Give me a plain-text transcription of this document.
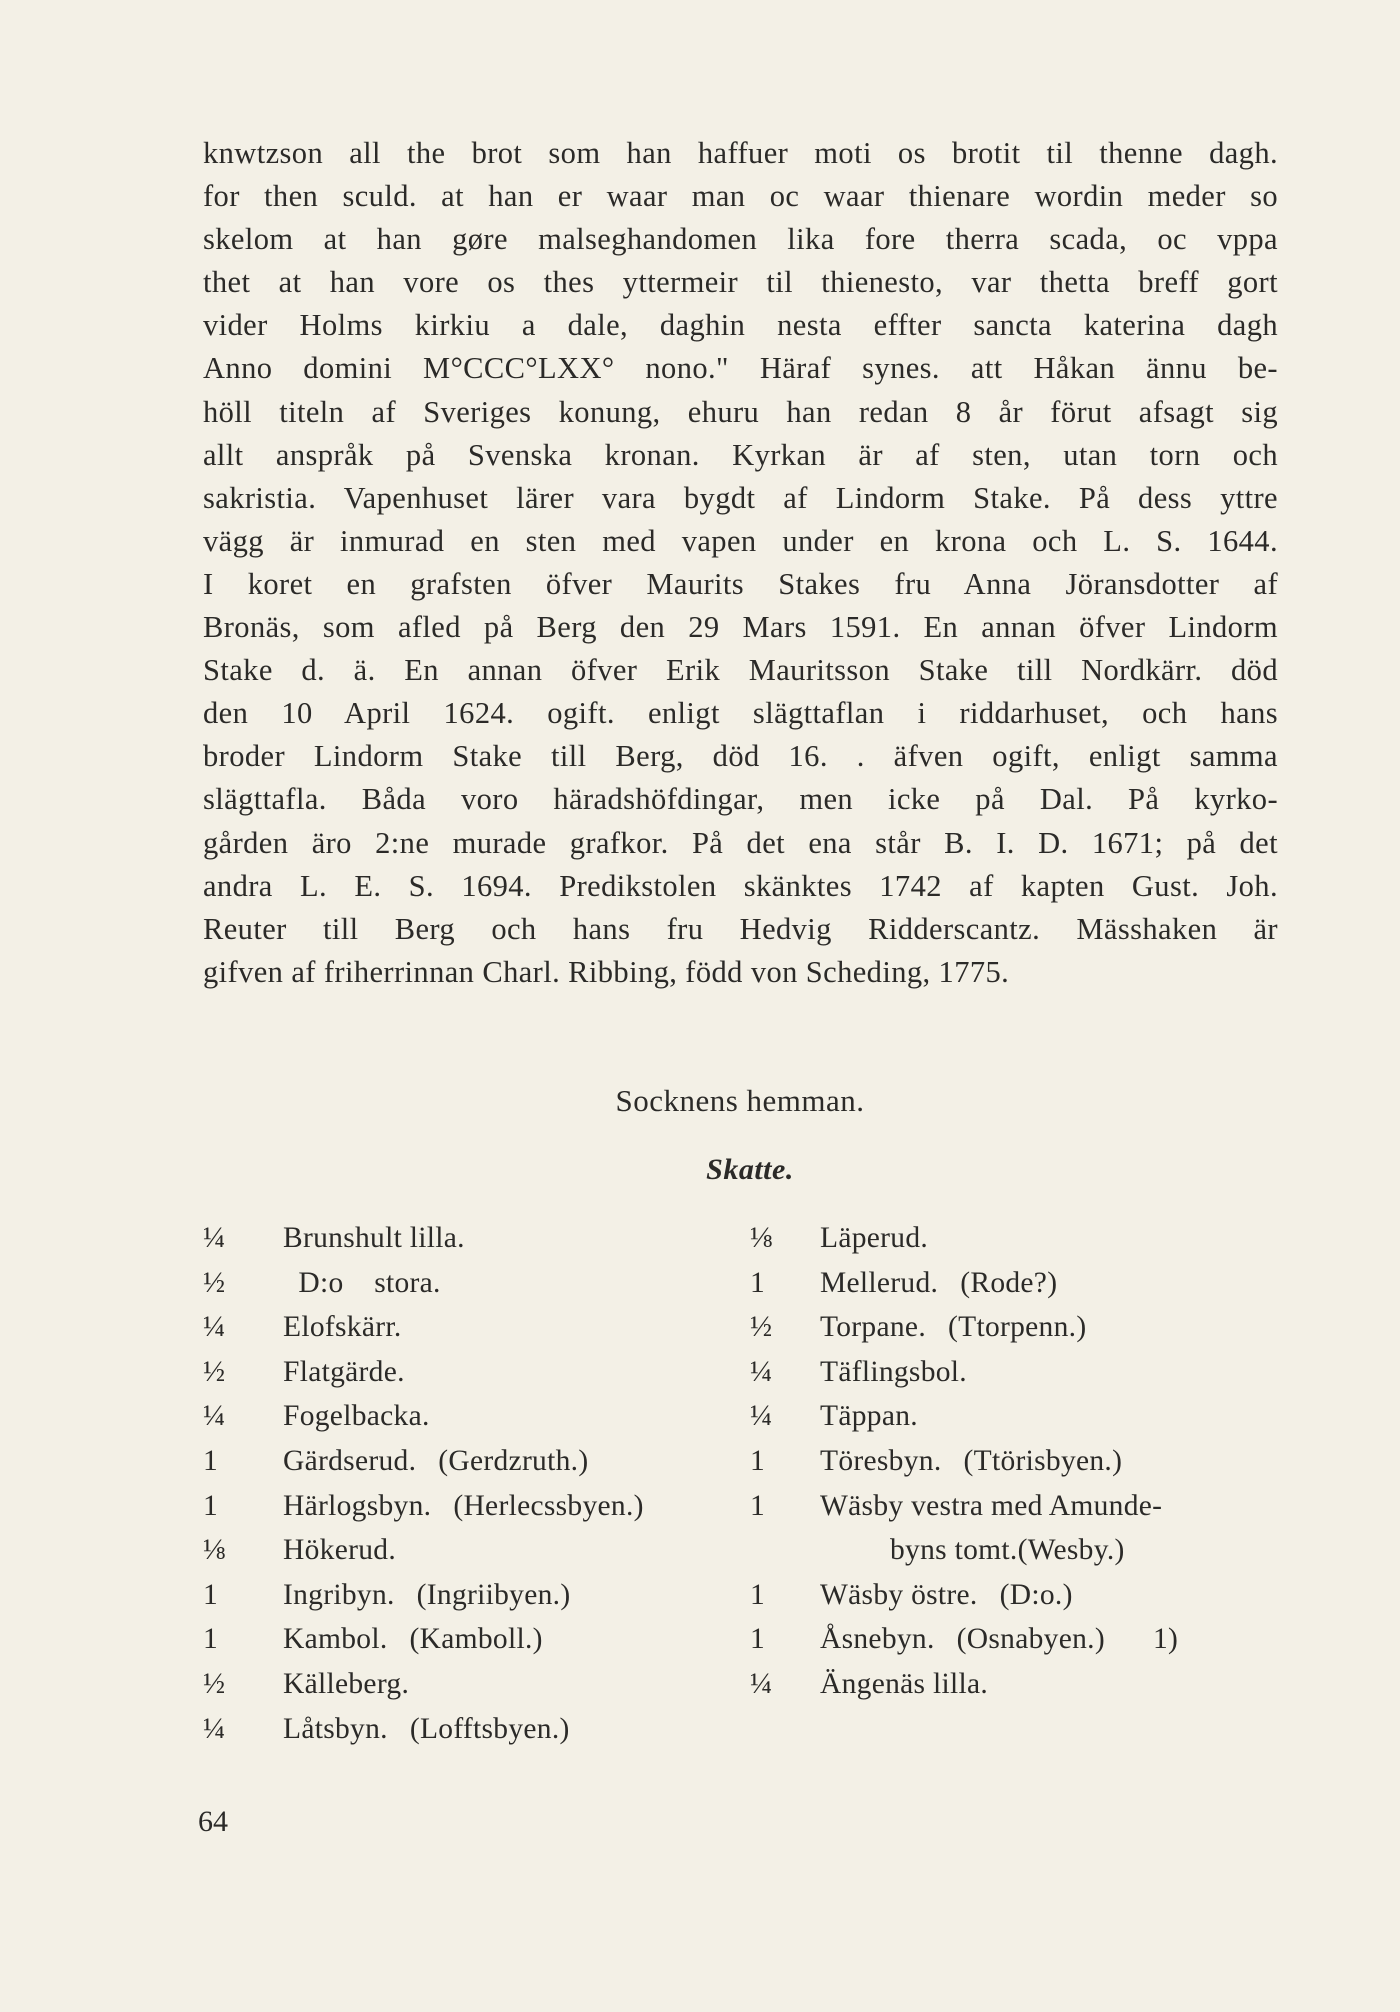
knwtzson all the brot som han haffuer moti os brotit til thenne dagh.
for then sculd. at han er waar man oc waar thienare wordin meder so
skelom at han gøre malseghandomen lika fore therra scada, oc vppa
thet at han vore os thes yttermeir til thienesto, var thetta breff gort
vider Holms kirkiu a dale, daghin nesta effter sancta katerina dagh
Anno domini M°CCC°LXX° nono." Häraf synes. att Håkan ännu be-
höll titeln af Sveriges konung, ehuru han redan 8 år förut afsagt sig
allt anspråk på Svenska kronan. Kyrkan är af sten, utan torn och
sakristia. Vapenhuset lärer vara bygdt af Lindorm Stake. På dess yttre
vägg är inmurad en sten med vapen under en krona och L. S. 1644.
I koret en grafsten öfver Maurits Stakes fru Anna Jöransdotter af
Bronäs, som afled på Berg den 29 Mars 1591. En annan öfver Lindorm
Stake d. ä. En annan öfver Erik Mauritsson Stake till Nordkärr. död
den 10 April 1624. ogift. enligt slägttaflan i riddarhuset, och hans
broder Lindorm Stake till Berg, död 16. . äfven ogift, enligt samma
slägttafla. Båda voro häradshöfdingar, men icke på Dal. På kyrko-
gården äro 2:ne murade grafkor. På det ena står B. I. D. 1671; på det
andra L. E. S. 1694. Predikstolen skänktes 1742 af kapten Gust. Joh.
Reuter till Berg och hans fru Hedvig Ridderscantz. Mässhaken är
gifven af friherrinnan Charl. Ribbing, född von Scheding, 1775.
Socknens hemman.
Skatte.
¼	Brunshult lilla.
½	D:o    stora.
¼	Elofskärr.
½	Flatgärde.
¼	Fogelbacka.
1	Gärdserud. (Gerdzruth.)
1	Härlogsbyn. (Herlecssbyen.)
⅛	Hökerud.
1	Ingribyn. (Ingriibyen.)
1	Kambol. (Kamboll.)
½	Källeberg.
¼	Låtsbyn. (Lofftsbyen.)
⅛	Läperud.
1	Mellerud. (Rode?)
½	Torpane. (Ttorpenn.)
¼	Täflingsbol.
¼	Täppan.
1	Töresbyn. (Ttörisbyen.)
1	Wäsby vestra med Amunde-
byns tomt.(Wesby.)
1	Wäsby östre. (D:o.)
1	Åsnebyn. (Osnabyen.) 1)
¼	Ängenäs lilla.
64
